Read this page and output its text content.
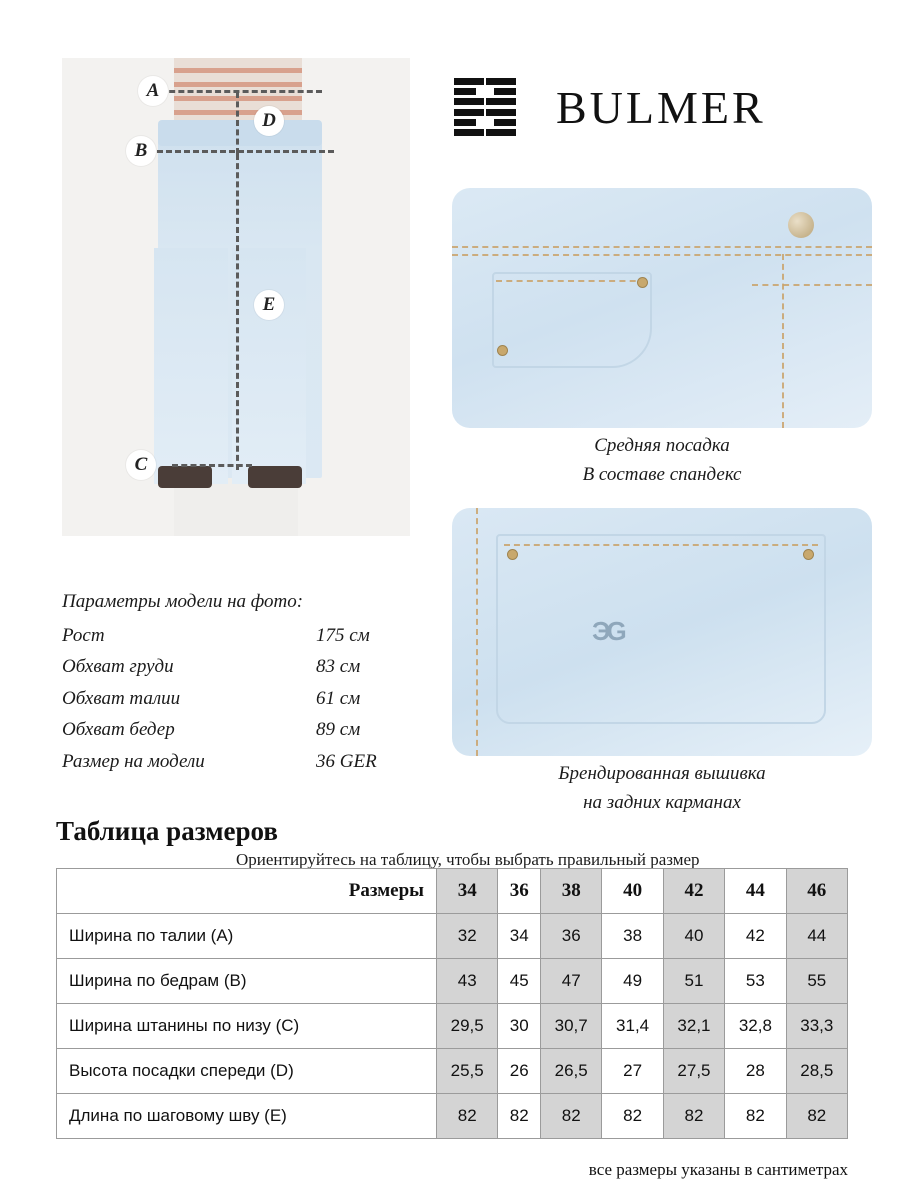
A
B
C
D
E
Параметры модели на фото:
Рост	175 см
Обхват груди	83 см
Обхват талии	61 см
Обхват бедер	89 см
Размер на модели	36 GER
BULMER
Средняя посадка
В составе спандекс
ЭG
Брендированная вышивка
на задних карманах
Таблица размеров
Ориентируйтесь на таблицу, чтобы выбрать правильный размер
Размеры	34	36	38	40	42	44	46
Ширина по талии (A)	32	34	36	38	40	42	44
Ширина по бедрам (B)	43	45	47	49	51	53	55
Ширина штанины по низу (C)	29,5	30	30,7	31,4	32,1	32,8	33,3
Высота посадки спереди (D)	25,5	26	26,5	27	27,5	28	28,5
Длина по шаговому шву (E)	82	82	82	82	82	82	82
все размеры указаны в сантиметрах
